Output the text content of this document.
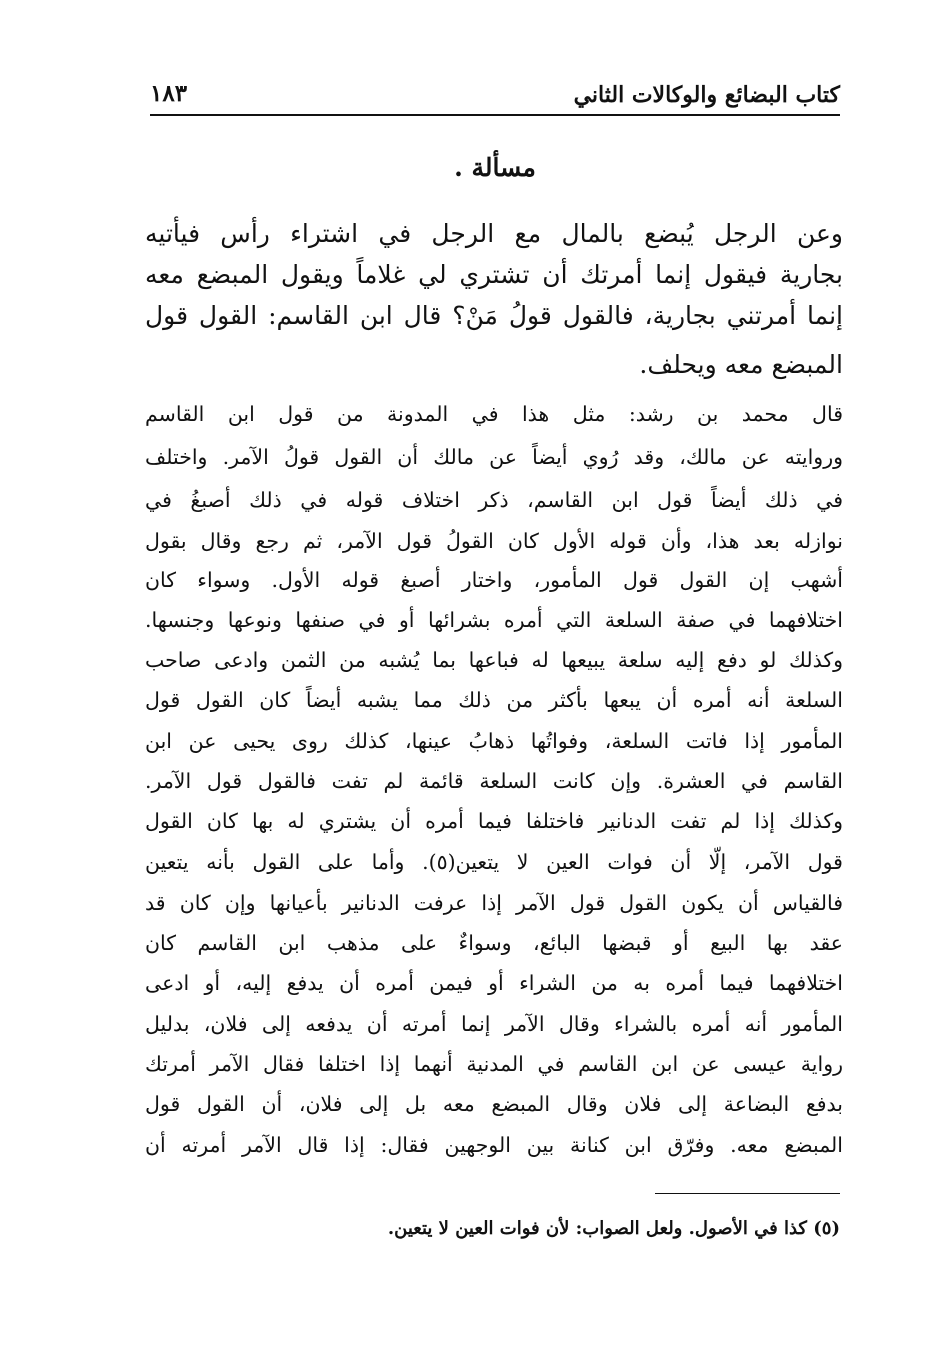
كتاب البضائع والوكالات الثاني
١٨٣
مسألة .
وعن الرجل يُبضع بالمال مع الرجل في اشتراء رأس فيأتيه
بجارية فيقول إنما أمرتك أن تشتري لي غلاماً ويقول المبضع معه
إنما أمرتني بجارية، فالقول قولُ مَنْ؟ قال ابن القاسم: القول قول
المبضع معه ويحلف.
قال محمد بن رشد: مثل هذا في المدونة من قول ابن القاسم
وروايته عن مالك، وقد رُوي أيضاً عن مالك أن القول قولُ الآمر. واختلف
في ذلك أيضاً قول ابن القاسم، ذكر اختلاف قوله في ذلك أصبغُ في
نوازله بعد هذا، وأن قوله الأول كان القولُ قول الآمر، ثم رجع وقال بقول
أشهب إن القول قول المأمور، واختار أصبغ قوله الأول. وسواء كان
اختلافهما في صفة السلعة التي أمره بشرائها أو في صنفها ونوعها وجنسها.
وكذلك لو دفع إليه سلعة يبيعها له فباعها بما يُشبه من الثمن وادعى صاحب
السلعة أنه أمره أن يبعها بأكثر من ذلك مما يشبه أيضاً كان القول قول
المأمور إذا فاتت السلعة، وفواتُها ذهابُ عينها، كذلك روى يحيى عن ابن
القاسم في العشرة. وإن كانت السلعة قائمة لم تفت فالقول قول الآمر.
وكذلك إذا لم تفت الدنانير فاختلفا فيما أمره أن يشتري له بها كان القول
قول الآمر، إلّا أن فوات العين لا يتعين(٥). وأما على القول بأنه يتعين
فالقياس أن يكون القول قول الآمر إذا عرفت الدنانير بأعيانها وإن كان قد
عقد بها البيع أو قبضها البائع، وسواءٌ على مذهب ابن القاسم كان
اختلافهما فيما أمره به من الشراء أو فيمن أمره أن يدفع إليه، أو ادعى
المأمور أنه أمره بالشراء وقال الآمر إنما أمرته أن يدفعه إلى فلان، بدليل
رواية عيسى عن ابن القاسم في المدنية أنهما إذا اختلفا فقال الآمر أمرتك
بدفع البضاعة إلى فلان وقال المبضع معه بل إلى فلان، أن القول قول
المبضع معه. وفرّق ابن كنانة بين الوجهين فقال: إذا قال الآمر أمرته أن
(٥) كذا في الأصول. ولعل الصواب: لأن فوات العين لا يتعين.
